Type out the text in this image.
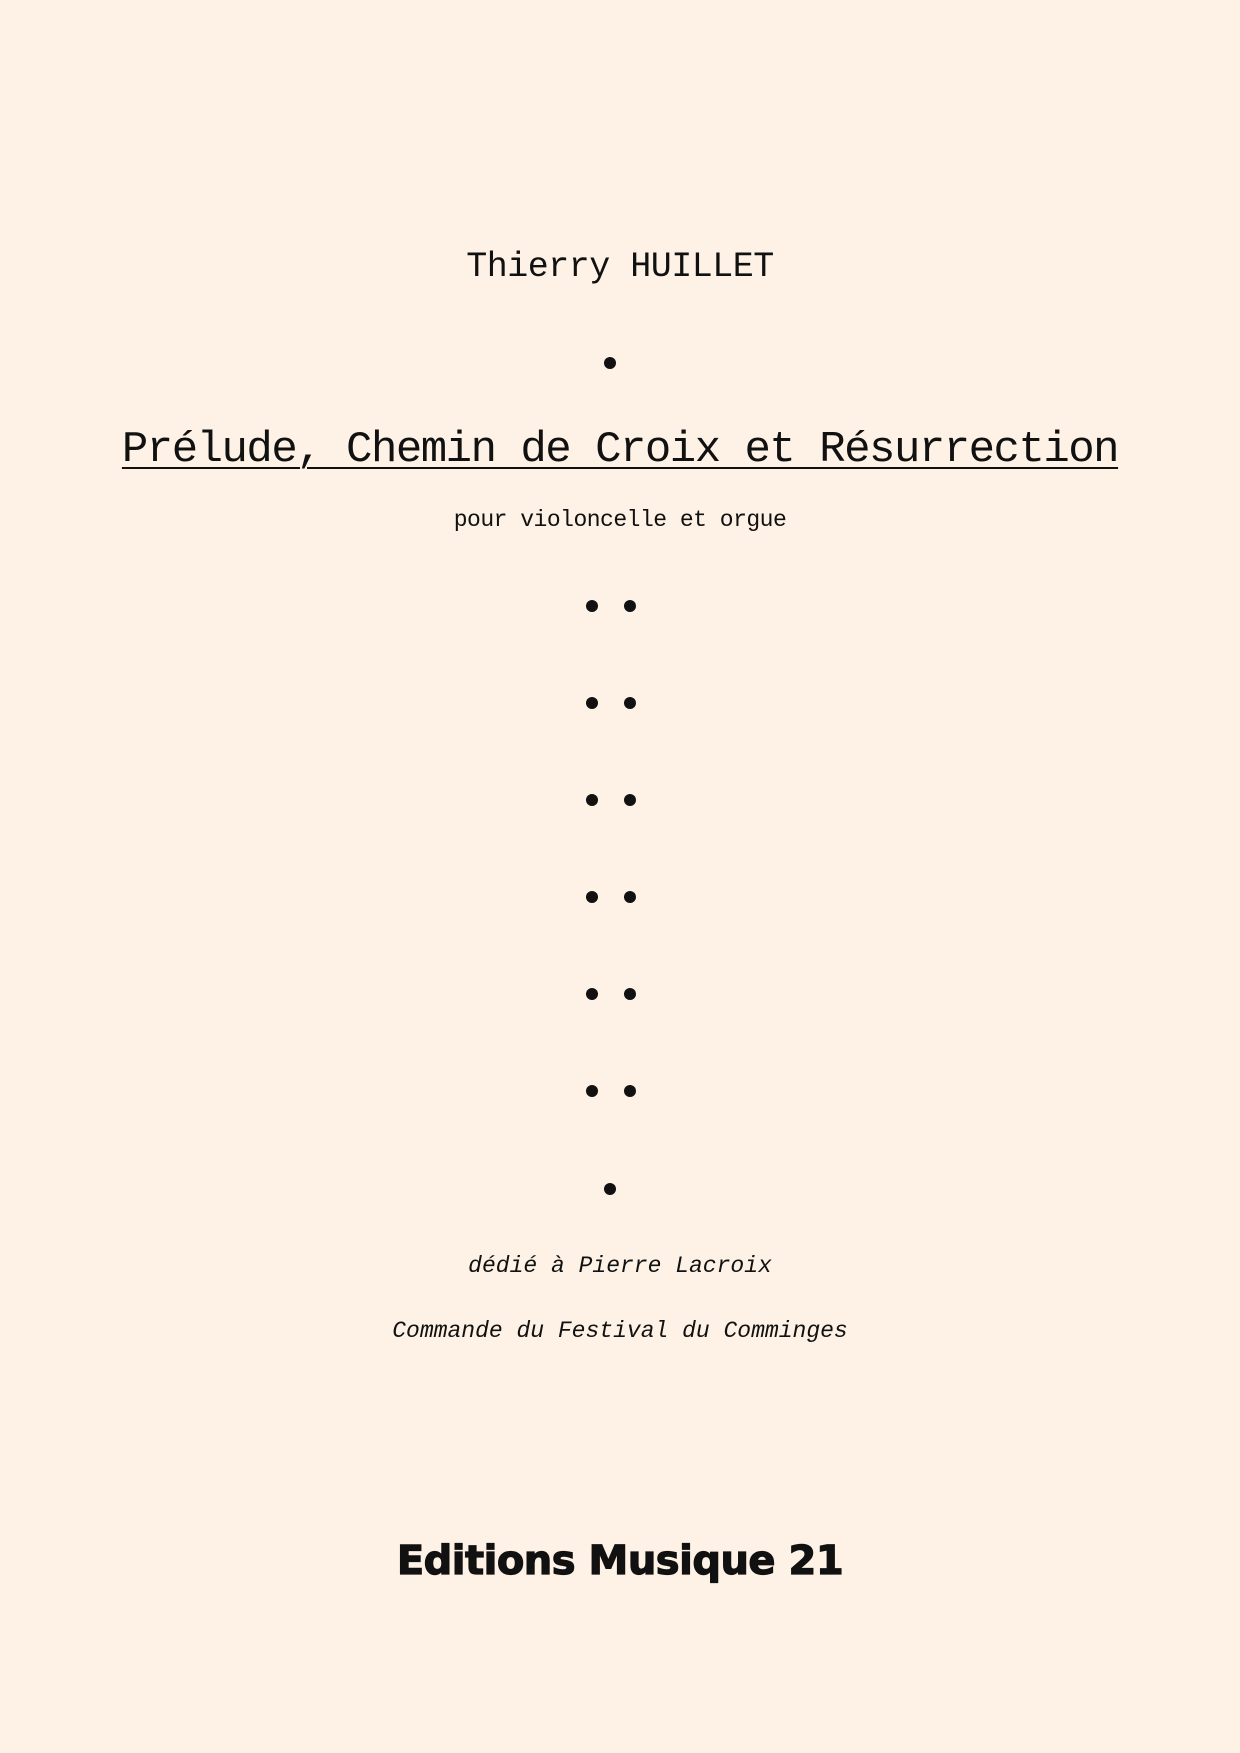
Thierry HUILLET
Prélude, Chemin de Croix et Résurrection
pour violoncelle et orgue
dédié à Pierre Lacroix
Commande du Festival du Comminges
Editions Musique 21
